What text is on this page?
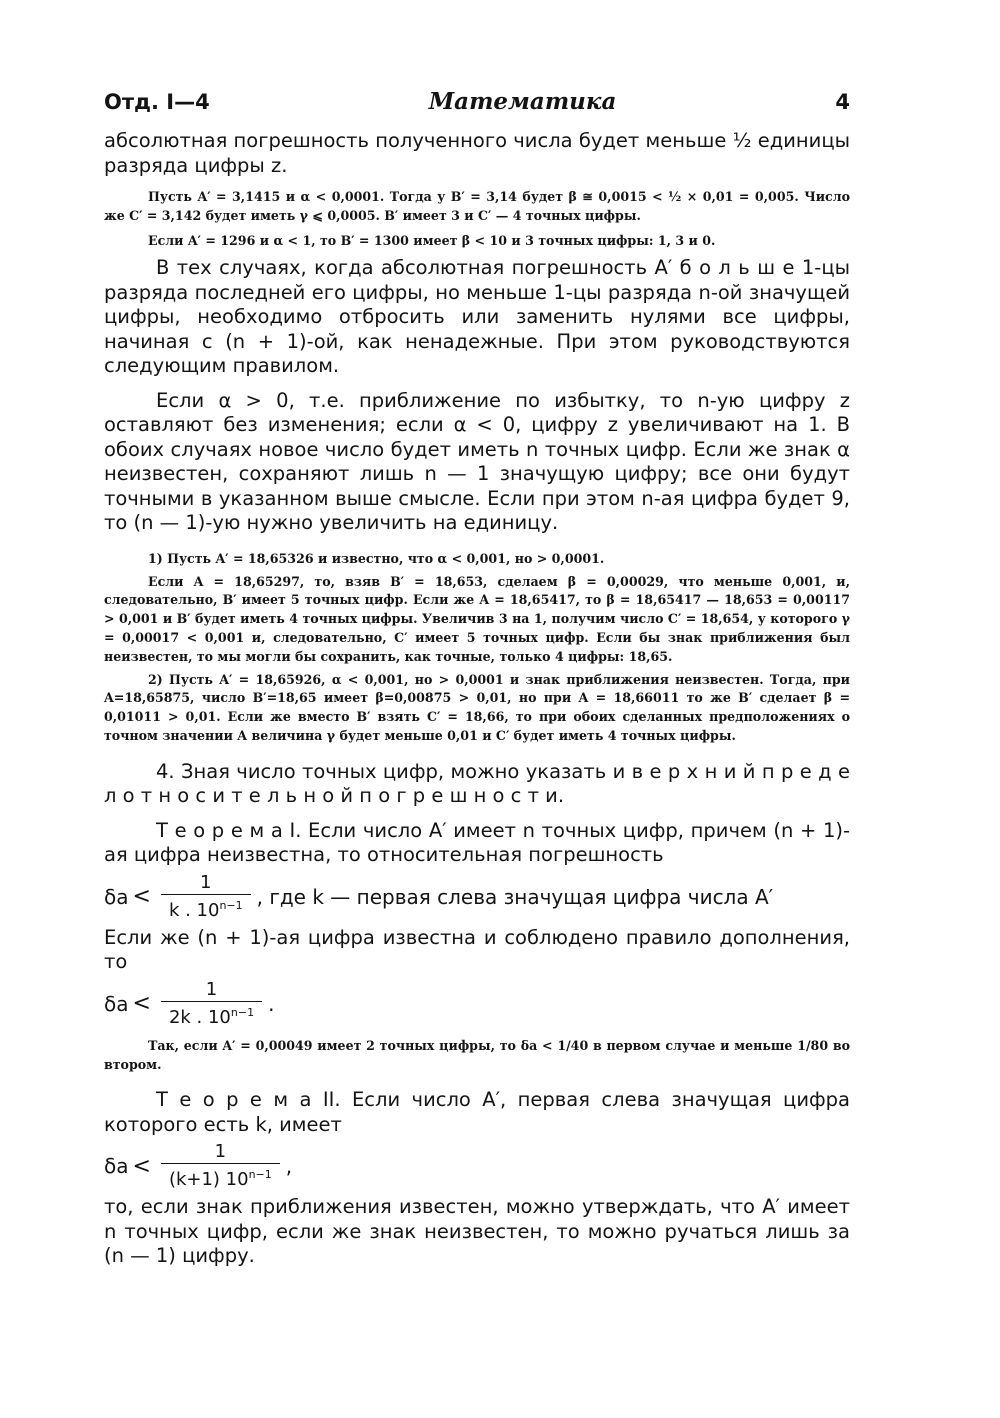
Отд. I—4	Математика	4

абсолютная погрешность полученного числа будет меньше ½ единицы разряда цифры z.

Пусть A′ = 3,1415 и α < 0,0001. Тогда у B′ = 3,14 будет β ≅ 0,0015 < ½ × 0,01 = 0,005. Число же C′ = 3,142 будет иметь γ ⩽ 0,0005. B′ имеет 3 и C′ — 4 точных цифры.

Если A′ = 1296 и α < 1, то B′ = 1300 имеет β < 10 и 3 точных цифры: 1, 3 и 0.

В тех случаях, когда абсолютная погрешность A′ б о л ь ш е 1-цы разряда последней его цифры, но меньше 1-цы разряда n-ой значущей цифры, необходимо отбросить или заменить нулями все цифры, начиная с (n + 1)-ой, как ненадежные. При этом руководствуются следующим правилом.

Если α > 0, т.е. приближение по избытку, то n-ую цифру z оставляют без изменения; если α < 0, цифру z увеличивают на 1. В обоих случаях новое число будет иметь n точных цифр. Если же знак α неизвестен, сохраняют лишь n — 1 значущую цифру; все они будут точными в указанном выше смысле. Если при этом n-ая цифра будет 9, то (n — 1)-ую нужно увеличить на единицу.

1) Пусть A′ = 18,65326 и известно, что α < 0,001, но > 0,0001.

Если A = 18,65297, то, взяв B′ = 18,653, сделаем β = 0,00029, что меньше 0,001, и, следовательно, B′ имеет 5 точных цифр. Если же A = 18,65417, то β = 18,65417 — 18,653 = 0,00117 > 0,001 и B′ будет иметь 4 точных цифры. Увеличив 3 на 1, получим число C′ = 18,654, у которого γ = 0,00017 < 0,001 и, следовательно, C′ имеет 5 точных цифр. Если бы знак приближения был неизвестен, то мы могли бы сохранить, как точные, только 4 цифры: 18,65.

2) Пусть A′ = 18,65926, α < 0,001, но > 0,0001 и знак приближения неизвестен. Тогда, при A=18,65875, число B′=18,65 имеет β=0,00875 > 0,01, но при A = 18,66011 то же B′ сделает β = 0,01011 > 0,01. Если же вместо B′ взять C′ = 18,66, то при обоих сделанных предположениях о точном значении A величина γ будет меньше 0,01 и C′ будет иметь 4 точных цифры.

4. Зная число точных цифр, можно указать и в е р х н и й п р е д е л о т н о с и т е л ь н о й п о г р е ш н о с т и.

Т е о р е м а I. Если число A′ имеет n точных цифр, причем (n + 1)-ая цифра неизвестна, то относительная погрешность

$\delta a < \frac{1}{k . 10^{n-1}}$ , где k — первая слева значущая цифра числа A′

Если же (n + 1)-ая цифра известна и соблюдено правило дополнения, то

$\delta a < \frac{1}{2k . 10^{n-1}}$ .

Так, если A′ = 0,00049 имеет 2 точных цифры, то δa < 1/40 в первом случае и меньше 1/80 во втором.

Т е о р е м а II. Если число A′, первая слева значущая цифра которого есть k, имеет

$\delta a < \frac{1}{(k+1) 10^{n-1}}$ ,

то, если знак приближения известен, можно утверждать, что A′ имеет n точных цифр, если же знак неизвестен, то можно ручаться лишь за (n — 1) цифру.
